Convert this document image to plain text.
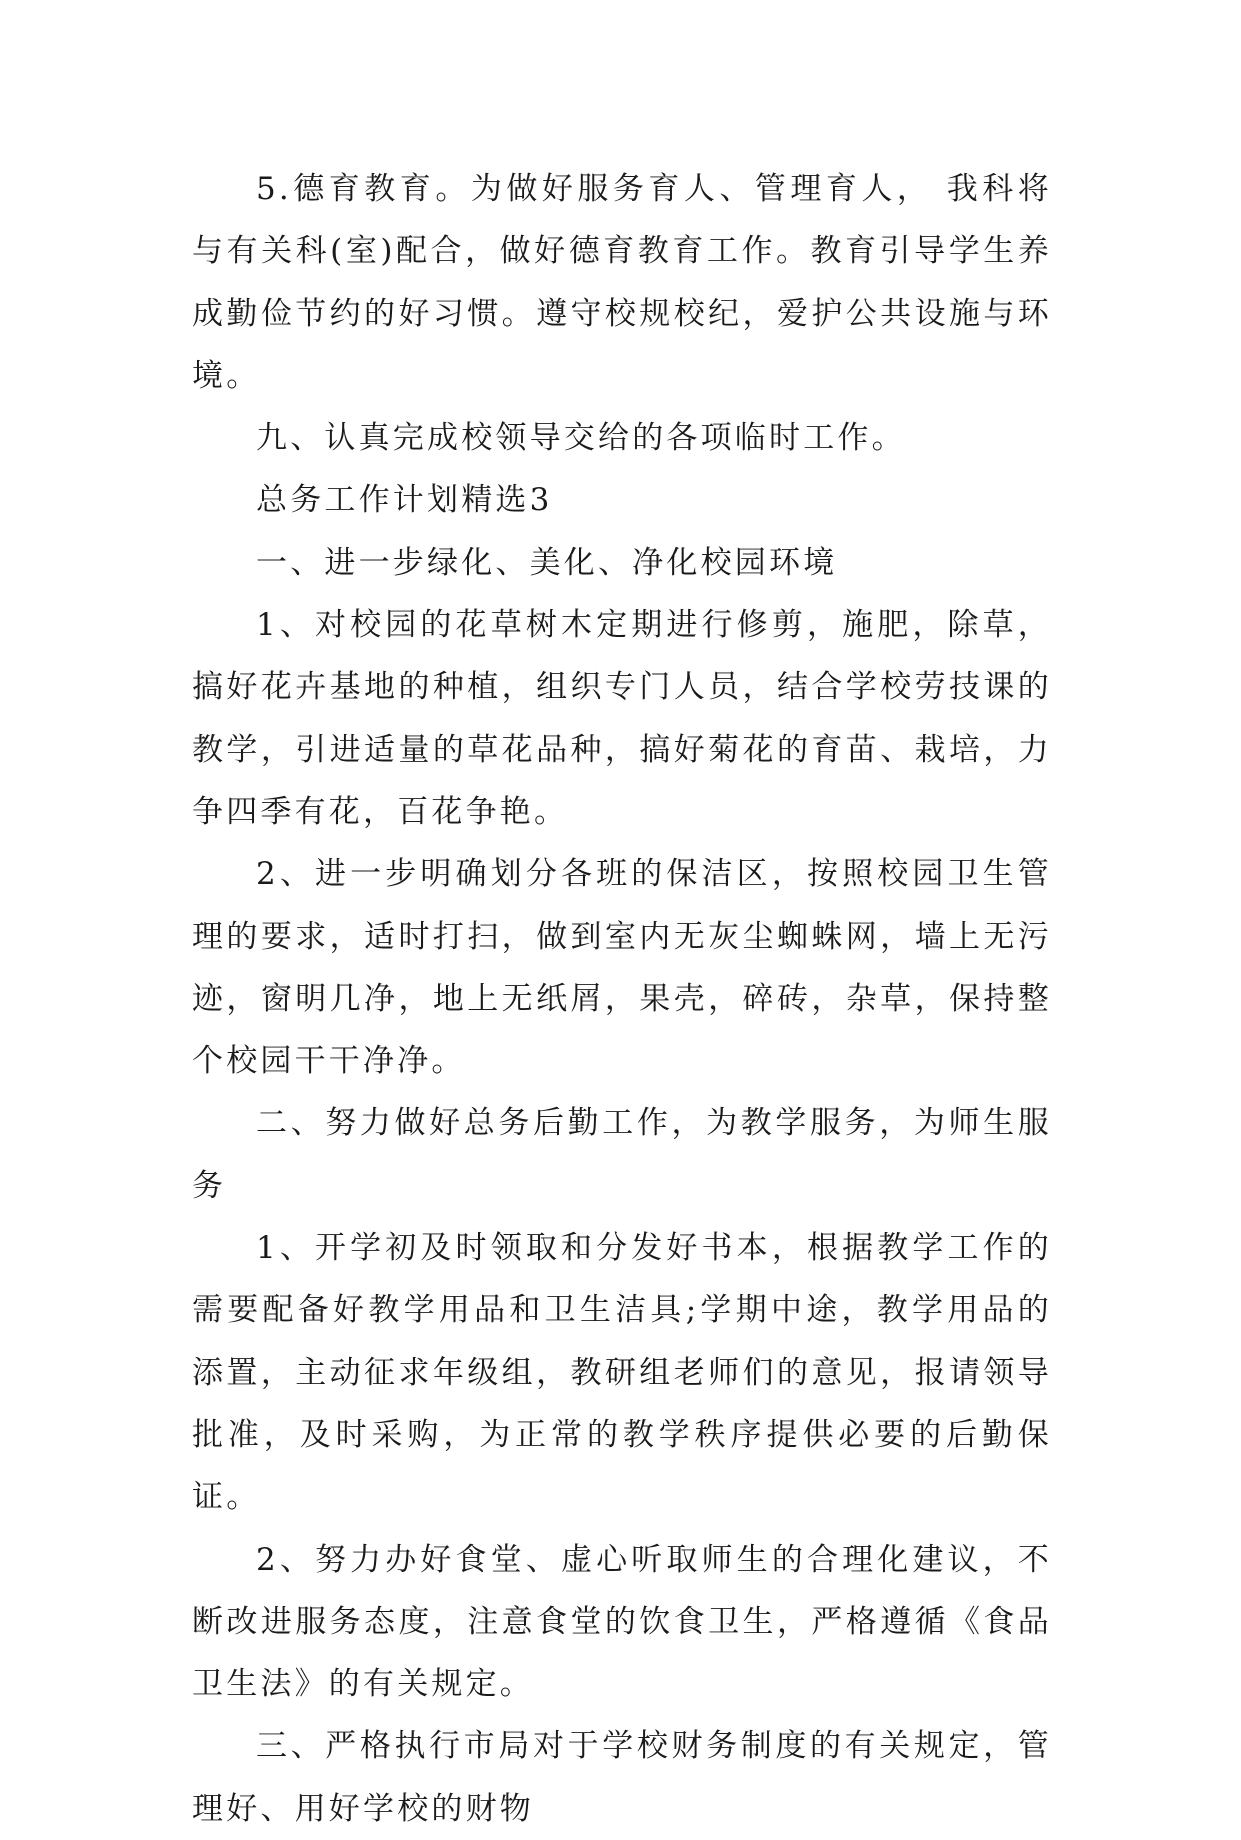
5.德育教育。为做好服务育人、管理育人， 我科将与有关科(室)配合，做好德育教育工作。教育引导学生养成勤俭节约的好习惯。遵守校规校纪，爱护公共设施与环境。

九、认真完成校领导交给的各项临时工作。

总务工作计划精选3

一、进一步绿化、美化、净化校园环境

1、对校园的花草树木定期进行修剪，施肥，除草，搞好花卉基地的种植，组织专门人员，结合学校劳技课的教学，引进适量的草花品种，搞好菊花的育苗、栽培，力争四季有花，百花争艳。

2、进一步明确划分各班的保洁区，按照校园卫生管理的要求，适时打扫，做到室内无灰尘蜘蛛网，墙上无污迹，窗明几净，地上无纸屑，果壳，碎砖，杂草，保持整个校园干干净净。

二、努力做好总务后勤工作，为教学服务，为师生服务

1、开学初及时领取和分发好书本，根据教学工作的需要配备好教学用品和卫生洁具;学期中途，教学用品的添置，主动征求年级组，教研组老师们的意见，报请领导批准，及时采购，为正常的教学秩序提供必要的后勤保证。

2、努力办好食堂、虚心听取师生的合理化建议，不断改进服务态度，注意食堂的饮食卫生，严格遵循《食品卫生法》的有关规定。

三、严格执行市局对于学校财务制度的有关规定，管理好、用好学校的财物
